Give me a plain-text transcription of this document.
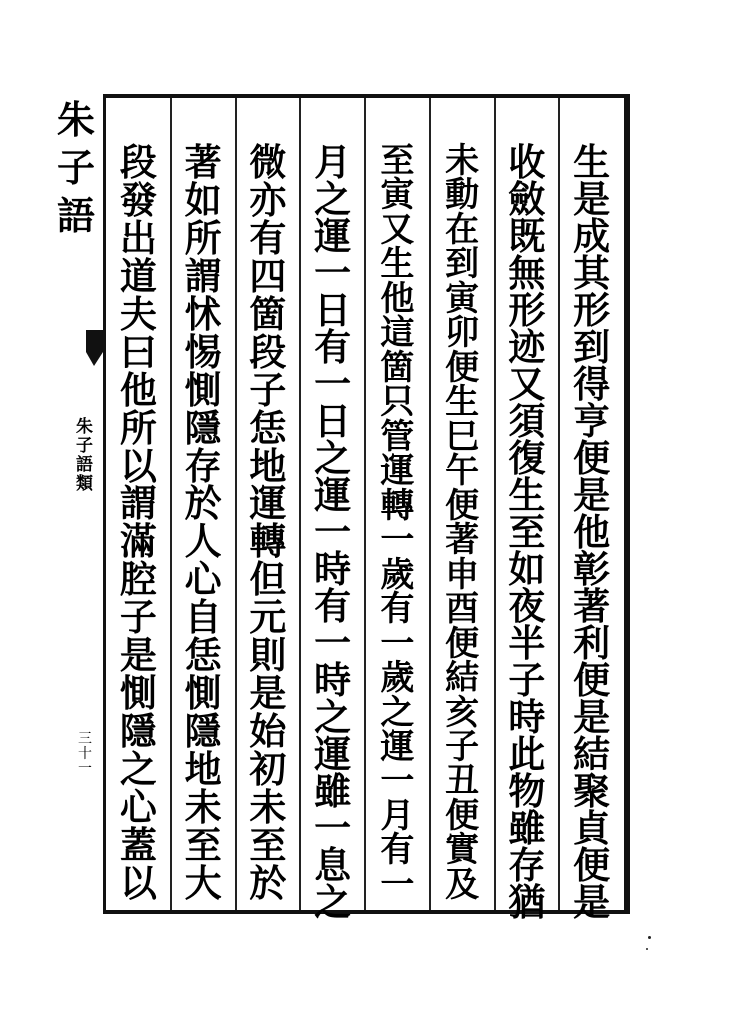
朱
子
語
朱
子
語
類
三
十
一
生
是
成
其
形
到
得
亨
便
是
他
彰
著
利
便
是
結
聚
貞
便
是
收
斂
既
無
形
迹
又
須
復
生
至
如
夜
半
子
時
此
物
雖
存
猶
未
動
在
到
寅
卯
便
生
巳
午
便
著
申
酉
便
結
亥
子
丑
便
實
及
至
寅
又
生
他
這
箇
只
管
運
轉
一
歲
有
一
歲
之
運
一
月
有
一
月
之
運
一
日
有
一
日
之
運
一
時
有
一
時
之
運
雖
一
息
之
微
亦
有
四
箇
段
子
恁
地
運
轉
但
元
則
是
始
初
未
至
於
著
如
所
謂
怵
惕
惻
隱
存
於
人
心
自
恁
惻
隱
地
未
至
大
段
發
出
道
夫
曰
他
所
以
謂
滿
腔
子
是
惻
隱
之
心
蓋
以
